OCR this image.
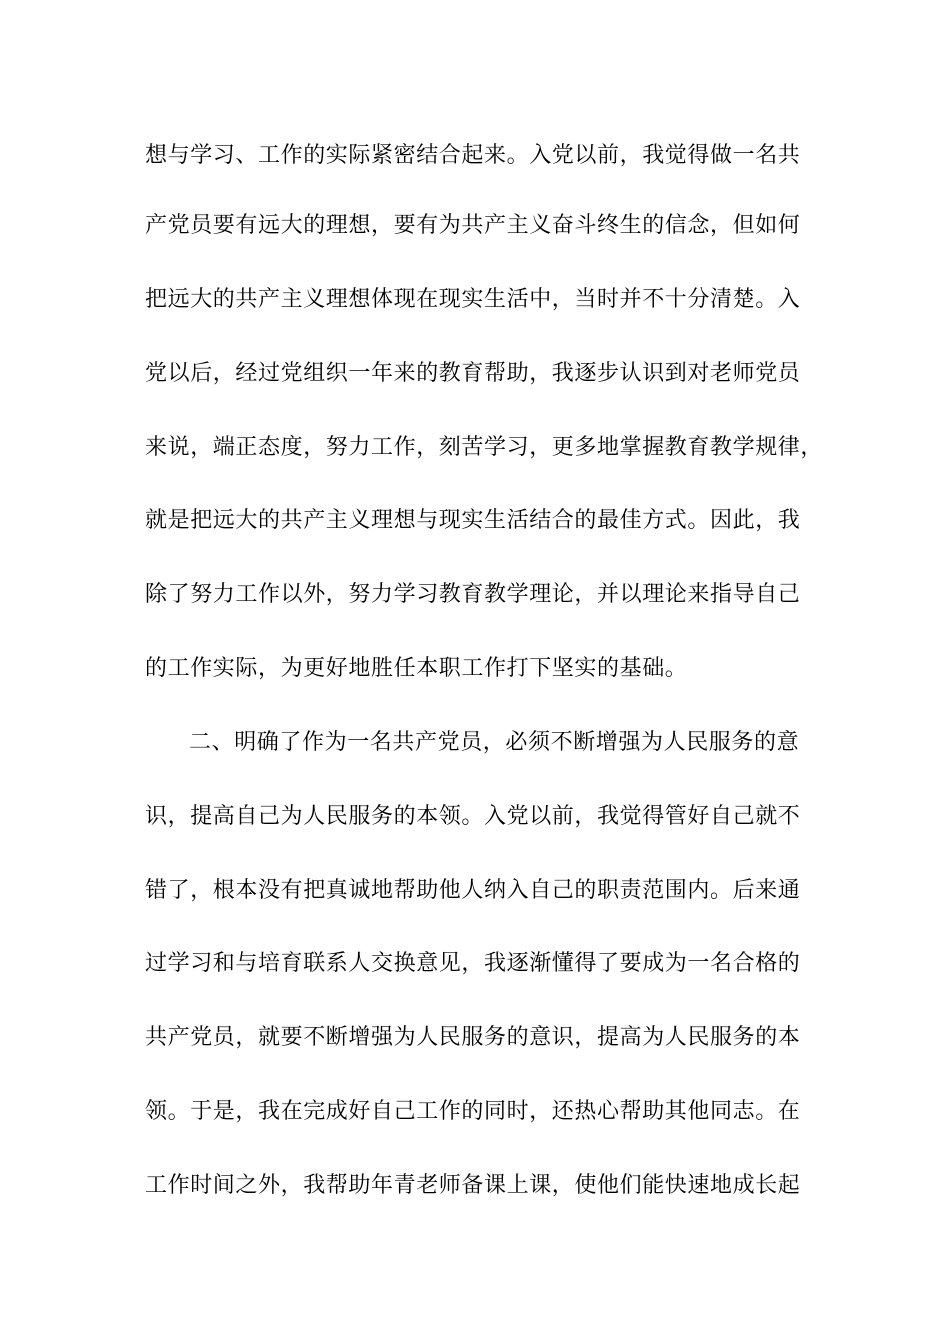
想与学习、工作的实际紧密结合起来。入党以前，我觉得做一名共
产党员要有远大的理想，要有为共产主义奋斗终生的信念，但如何
把远大的共产主义理想体现在现实生活中，当时并不十分清楚。入
党以后，经过党组织一年来的教育帮助，我逐步认识到对老师党员
来说，端正态度，努力工作，刻苦学习，更多地掌握教育教学规律，
就是把远大的共产主义理想与现实生活结合的最佳方式。因此，我
除了努力工作以外，努力学习教育教学理论，并以理论来指导自己
的工作实际，为更好地胜任本职工作打下坚实的基础。
二、明确了作为一名共产党员，必须不断增强为人民服务的意
识，提高自己为人民服务的本领。入党以前，我觉得管好自己就不
错了，根本没有把真诚地帮助他人纳入自己的职责范围内。后来通
过学习和与培育联系人交换意见，我逐渐懂得了要成为一名合格的
共产党员，就要不断增强为人民服务的意识，提高为人民服务的本
领。于是，我在完成好自己工作的同时，还热心帮助其他同志。在
工作时间之外，我帮助年青老师备课上课，使他们能快速地成长起
